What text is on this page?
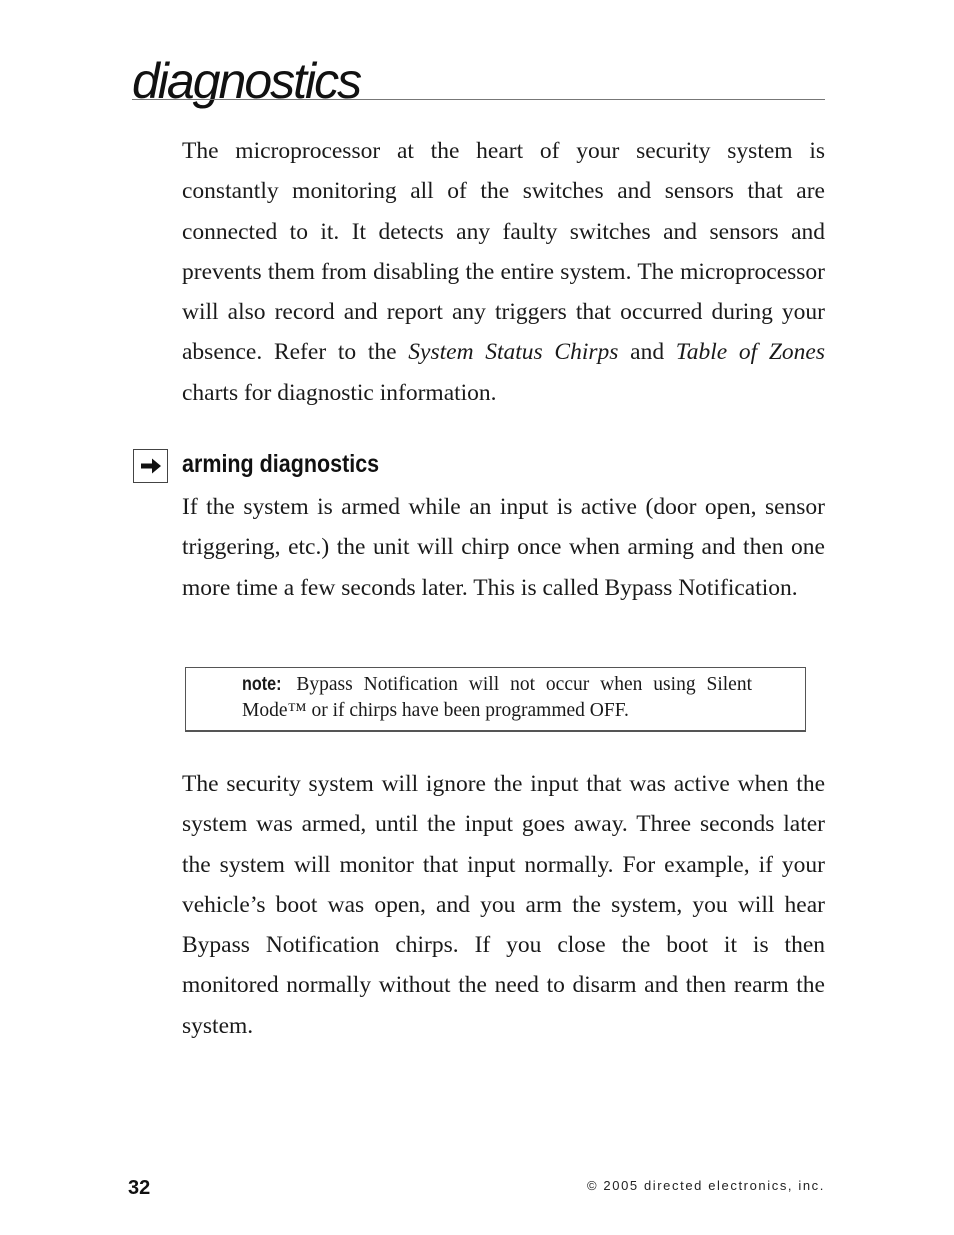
diagnostics

The microprocessor at the heart of your security system is constantly monitoring all of the switches and sensors that are connected to it. It detects any faulty switches and sensors and prevents them from disabling the entire system. The microprocessor will also record and report any triggers that occurred during your absence. Refer to the System Status Chirps and Table of Zones charts for diagnostic information.

arming diagnostics

If the system is armed while an input is active (door open, sensor triggering, etc.) the unit will chirp once when arming and then one more time a few seconds later. This is called Bypass Notification.

note: Bypass Notification will not occur when using Silent Mode™ or if chirps have been programmed OFF.

The security system will ignore the input that was active when the system was armed, until the input goes away. Three seconds later the system will monitor that input normally. For example, if your vehicle’s boot was open, and you arm the system, you will hear Bypass Notification chirps. If you close the boot it is then monitored normally without the need to disarm and then rearm the system.

32	© 2005 directed electronics, inc.
